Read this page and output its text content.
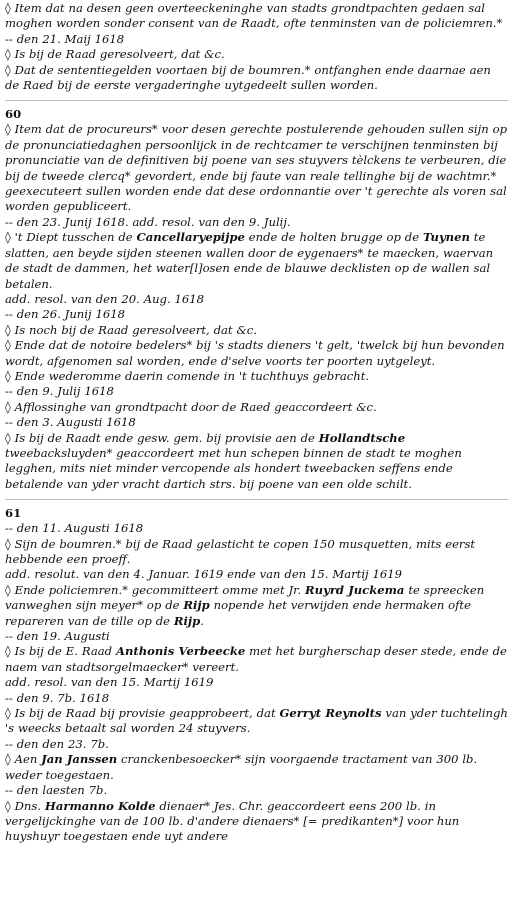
◊ Item dat na desen geen overteeckeninghe van stadts grondtpachten gedaen sal moghen worden sonder consent van de Raadt, ofte tenminsten van de policiemren.*
-- den 21. Maij 1618
◊ Is bij de Raad geresolveert, dat &c.
◊ Dat de sententiegelden voortaen bij de boumren.* ontfanghen ende daarnae aen de Raed bij de eerste vergaderinghe uytgedeelt sullen worden.
60
◊ Item dat de procureurs* voor desen gerechte postulerende gehouden sullen sijn op de pronunciatiedaghen persoonlijck in de rechtcamer te verschijnen tenminsten bij pronunciatie van de definitiven bij poene van ses stuyvers tèlckens te verbeuren, die bij de tweede clercq* gevordert, ende bij faute van reale tellinghe bij de wachtmr.* geexecuteert sullen worden ende dat dese ordonnantie over 't gerechte als voren sal worden gepubliceert.
-- den 23. Junij 1618. add. resol. van den 9. Julij.
◊ 't Diept tusschen de Cancellaryepijpe ende de holten brugge op de Tuynen te slatten, aen beyde sijden steenen wallen door de eygenaers* te maecken, waervan de stadt de dammen, het water[l]osen ende de blauwe decklisten op de wallen sal betalen.
add. resol. van den 20. Aug. 1618
-- den 26. Junij 1618
◊ Is noch bij de Raad geresolveert, dat &c.
◊ Ende dat de notoire bedelers* bij 's stadts dieners 't gelt, 'twelck bij hun bevonden wordt, afgenomen sal worden, ende d'selve voorts ter poorten uytgeleyt.
◊ Ende wederomme daerin comende in 't tuchthuys gebracht.
-- den 9. Julij 1618
◊ Afflossinghe van grondtpacht door de Raed geaccordeert &c.
-- den 3. Augusti 1618
◊ Is bij de Raadt ende gesw. gem. bij provisie aen de Hollandtsche tweebacksluyden* geaccordeert met hun schepen binnen de stadt te moghen legghen, mits niet minder vercopende als hondert tweebacken seffens ende betalende van yder vracht dartich strs. bij poene van een olde schilt.
61
-- den 11. Augusti 1618
◊ Sijn de boumren.* bij de Raad gelasticht te copen 150 musquetten, mits eerst hebbende een proeff.
add. resolut. van den 4. Januar. 1619 ende van den 15. Martij 1619
◊ Ende policiemren.* gecommitteert omme met Jr. Ruyrd Juckema te spreecken vanweghen sijn meyer* op de Rijp nopende het verwijden ende hermaken ofte repareren van de tille op de Rijp.
-- den 19. Augusti
◊ Is bij de E. Raad Anthonis Verbeecke met het burgherschap deser stede, ende de naem van stadtsorgelmaecker* vereert.
add. resol. van den 15. Martij 1619
-- den 9. 7b. 1618
◊ Is bij de Raad bij provisie geapprobeert, dat Gerryt Reynolts van yder tuchtelingh 's weecks betaalt sal worden 24 stuyvers.
-- den den 23. 7b.
◊ Aen Jan Janssen cranckenbesoecker* sijn voorgaende tractament van 300 lb. weder toegestaen.
-- den laesten 7b.
◊ Dns. Harmanno Kolde dienaer* Jes. Chr. geaccordeert eens 200 lb. in vergelijckinghe van de 100 lb. d'andere dienaers* [= predikanten*] voor hun huyshuyr toegestaen ende uyt andere
